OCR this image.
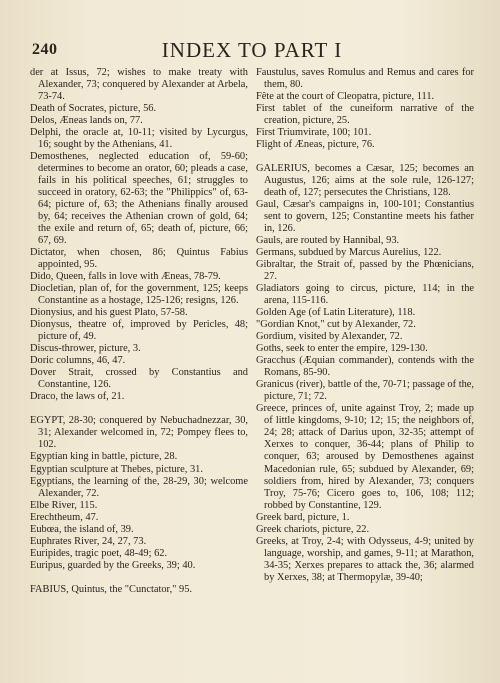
240	INDEX TO PART I

der at Issus, 72; wishes to make treaty with Alexander, 73; conquered by Alexander at Arbela, 73-74.

Death of Socrates, picture, 56.

Delos, Æneas lands on, 77.

Delphi, the oracle at, 10-11; visited by Lycurgus, 16; sought by the Athenians, 41.

Demosthenes, neglected education of, 59-60; determines to become an orator, 60; pleads a case, fails in his political speeches, 61; struggles to succeed in oratory, 62-63; the "Philippics" of, 63-64; picture of, 63; the Athenians finally aroused by, 64; receives the Athenian crown of gold, 64; the exile and return of, 65; death of, picture, 66; 67, 69.

Dictator, when chosen, 86; Quintus Fabius appointed, 95.

Dido, Queen, falls in love with Æneas, 78-79.

Diocletian, plan of, for the government, 125; keeps Constantine as a hostage, 125-126; resigns, 126.

Dionysius, and his guest Plato, 57-58.

Dionysus, theatre of, improved by Pericles, 48; picture of, 49.

Discus-thrower, picture, 3.

Doric columns, 46, 47.

Dover Strait, crossed by Constantius and Constantine, 126.

Draco, the laws of, 21.

EGYPT, 28-30; conquered by Nebuchadnezzar, 30, 31; Alexander welcomed in, 72; Pompey flees to, 102.

Egyptian king in battle, picture, 28.

Egyptian sculpture at Thebes, picture, 31.

Egyptians, the learning of the, 28-29, 30; welcome Alexander, 72.

Elbe River, 115.

Erechtheum, 47.

Eubœa, the island of, 39.

Euphrates River, 24, 27, 73.

Euripides, tragic poet, 48-49; 62.

Euripus, guarded by the Greeks, 39; 40.

FABIUS, Quintus, the "Cunctator," 95.

Faustulus, saves Romulus and Remus and cares for them, 80.

Fête at the court of Cleopatra, picture, 111.

First tablet of the cuneiform narrative of the creation, picture, 25.

First Triumvirate, 100; 101.

Flight of Æneas, picture, 76.

GALERIUS, becomes a Cæsar, 125; becomes an Augustus, 126; aims at the sole rule, 126-127; death of, 127; persecutes the Christians, 128.

Gaul, Cæsar's campaigns in, 100-101; Constantius sent to govern, 125; Constantine meets his father in, 126.

Gauls, are routed by Hannibal, 93.

Germans, subdued by Marcus Aurelius, 122.

Gibraltar, the Strait of, passed by the Phœnicians, 27.

Gladiators going to circus, picture, 114; in the arena, 115-116.

Golden Age (of Latin Literature), 118.

"Gordian Knot," cut by Alexander, 72.

Gordium, visited by Alexander, 72.

Goths, seek to enter the empire, 129-130.

Gracchus (Æquian commander), contends with the Romans, 85-90.

Granicus (river), battle of the, 70-71; passage of the, picture, 71; 72.

Greece, princes of, unite against Troy, 2; made up of little kingdoms, 9-10; 12; 15; the neighbors of, 24; 28; attack of Darius upon, 32-35; attempt of Xerxes to conquer, 36-44; plans of Philip to conquer, 63; aroused by Demosthenes against Macedonian rule, 65; subdued by Alexander, 69; soldiers from, hired by Alexander, 73; conquers Troy, 75-76; Cicero goes to, 106, 108; 112; robbed by Constantine, 129.

Greek bard, picture, 1.

Greek chariots, picture, 22.

Greeks, at Troy, 2-4; with Odysseus, 4-9; united by language, worship, and games, 9-11; at Marathon, 34-35; Xerxes prepares to attack the, 36; alarmed by Xerxes, 38; at Thermopylæ, 39-40;
